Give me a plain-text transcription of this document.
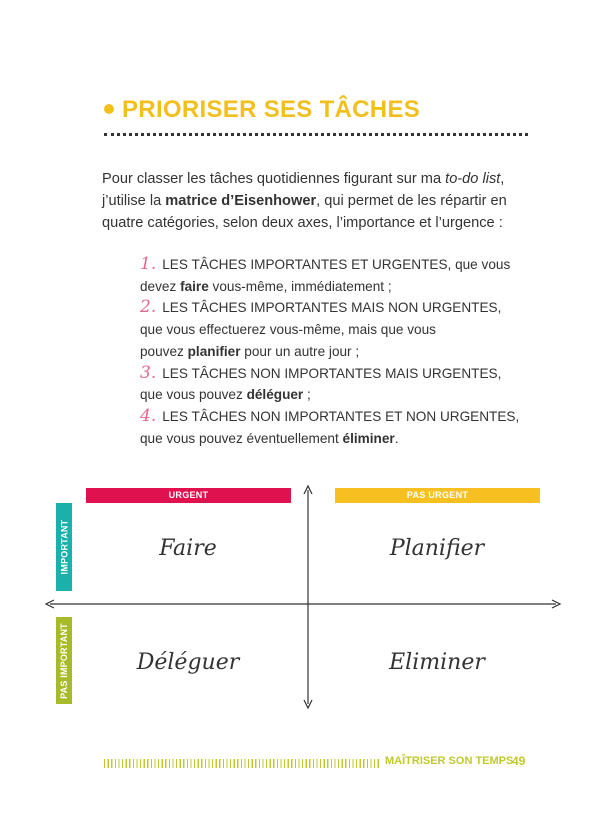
PRIORISER SES TÂCHES

Pour classer les tâches quotidiennes figurant sur ma to-do list,

j’utilise la matrice d’Eisenhower, qui permet de les répartir en

quatre catégories, selon deux axes, l’importance et l’urgence :

1. LES TÂCHES IMPORTANTES ET URGENTES, que vous

devez faire vous-même, immédiatement ;

2. LES TÂCHES IMPORTANTES MAIS NON URGENTES,

que vous effectuerez vous-même, mais que vous

pouvez planifier pour un autre jour ;

3. LES TÂCHES NON IMPORTANTES MAIS URGENTES,

que vous pouvez déléguer ;

4. LES TÂCHES NON IMPORTANTES ET NON URGENTES,

que vous pouvez éventuellement éliminer.

URGENT	PAS URGENT
IMPORTANT
PAS IMPORTANT
Faire	Planifier
Déléguer	Eliminer
MAÎTRISER SON TEMPS
49
